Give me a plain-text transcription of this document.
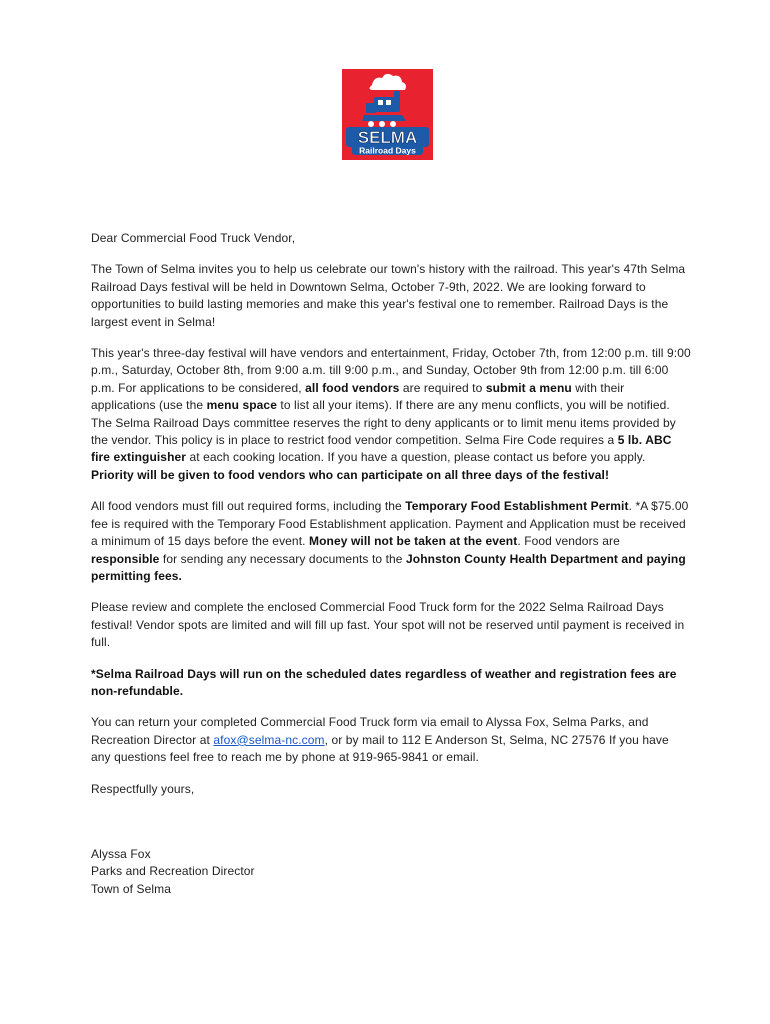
SELMA
Railroad Days

Dear Commercial Food Truck Vendor,

The Town of Selma invites you to help us celebrate our town's history with the railroad. This year's 47th Selma Railroad Days festival will be held in Downtown Selma, October 7-9th, 2022. We are looking forward to opportunities to build lasting memories and make this year's festival one to remember. Railroad Days is the largest event in Selma!

This year's three-day festival will have vendors and entertainment, Friday, October 7th, from 12:00 p.m. till 9:00 p.m., Saturday, October 8th, from 9:00 a.m. till 9:00 p.m., and Sunday, October 9th from 12:00 p.m. till 6:00 p.m. For applications to be considered, all food vendors are required to submit a menu with their applications (use the menu space to list all your items). If there are any menu conflicts, you will be notified. The Selma Railroad Days committee reserves the right to deny applicants or to limit menu items provided by the vendor. This policy is in place to restrict food vendor competition. Selma Fire Code requires a 5 lb. ABC fire extinguisher at each cooking location. If you have a question, please contact us before you apply. Priority will be given to food vendors who can participate on all three days of the festival!

All food vendors must fill out required forms, including the Temporary Food Establishment Permit. *A $75.00 fee is required with the Temporary Food Establishment application. Payment and Application must be received a minimum of 15 days before the event. Money will not be taken at the event. Food vendors are responsible for sending any necessary documents to the Johnston County Health Department and paying permitting fees.

Please review and complete the enclosed Commercial Food Truck form for the 2022 Selma Railroad Days festival! Vendor spots are limited and will fill up fast. Your spot will not be reserved until payment is received in full.

*Selma Railroad Days will run on the scheduled dates regardless of weather and registration fees are non-refundable.

You can return your completed Commercial Food Truck form via email to Alyssa Fox, Selma Parks, and Recreation Director at afox@selma-nc.com, or by mail to 112 E Anderson St, Selma, NC 27576 If you have any questions feel free to reach me by phone at 919-965-9841 or email.

Respectfully yours,

Alyssa Fox

Parks and Recreation Director

Town of Selma
